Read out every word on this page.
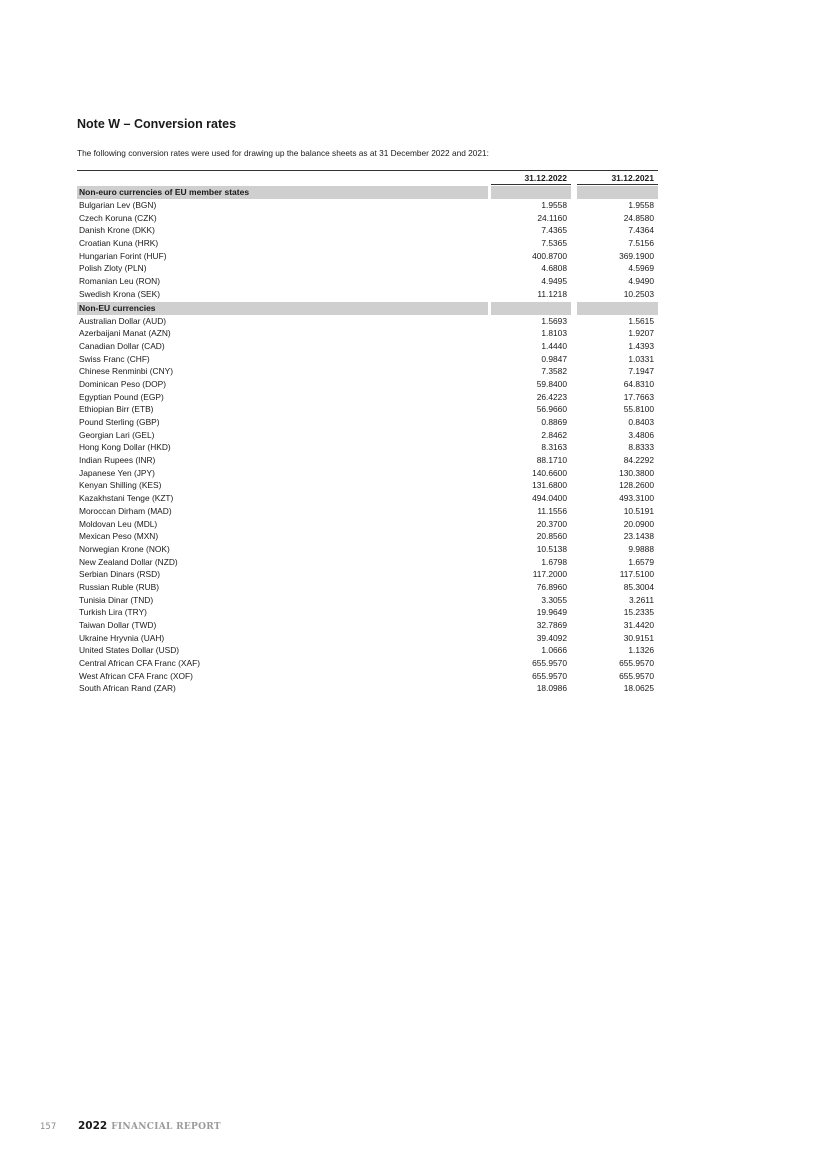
Note W – Conversion rates
The following conversion rates were used for drawing up the balance sheets as at 31 December 2022 and 2021:
31.12.2022	31.12.2021
Non-euro currencies of EU member states
Bulgarian Lev (BGN)	1.9558	1.9558
Czech Koruna (CZK)	24.1160	24.8580
Danish Krone (DKK)	7.4365	7.4364
Croatian Kuna (HRK)	7.5365	7.5156
Hungarian Forint (HUF)	400.8700	369.1900
Polish Zloty (PLN)	4.6808	4.5969
Romanian Leu (RON)	4.9495	4.9490
Swedish Krona (SEK)	11.1218	10.2503
Non-EU currencies
Australian Dollar (AUD)	1.5693	1.5615
Azerbaijani Manat (AZN)	1.8103	1.9207
Canadian Dollar (CAD)	1.4440	1.4393
Swiss Franc (CHF)	0.9847	1.0331
Chinese Renminbi (CNY)	7.3582	7.1947
Dominican Peso (DOP)	59.8400	64.8310
Egyptian Pound (EGP)	26.4223	17.7663
Ethiopian Birr (ETB)	56.9660	55.8100
Pound Sterling (GBP)	0.8869	0.8403
Georgian Lari (GEL)	2.8462	3.4806
Hong Kong Dollar (HKD)	8.3163	8.8333
Indian Rupees (INR)	88.1710	84.2292
Japanese Yen (JPY)	140.6600	130.3800
Kenyan Shilling (KES)	131.6800	128.2600
Kazakhstani Tenge (KZT)	494.0400	493.3100
Moroccan Dirham (MAD)	11.1556	10.5191
Moldovan Leu (MDL)	20.3700	20.0900
Mexican Peso (MXN)	20.8560	23.1438
Norwegian Krone (NOK)	10.5138	9.9888
New Zealand Dollar (NZD)	1.6798	1.6579
Serbian Dinars (RSD)	117.2000	117.5100
Russian Ruble (RUB)	76.8960	85.3004
Tunisia Dinar (TND)	3.3055	3.2611
Turkish Lira (TRY)	19.9649	15.2335
Taiwan Dollar (TWD)	32.7869	31.4420
Ukraine Hryvnia (UAH)	39.4092	30.9151
United States Dollar (USD)	1.0666	1.1326
Central African CFA Franc (XAF)	655.9570	655.9570
West African CFA Franc (XOF)	655.9570	655.9570
South African Rand (ZAR)	18.0986	18.0625
157	2022 FINANCIAL REPORT
